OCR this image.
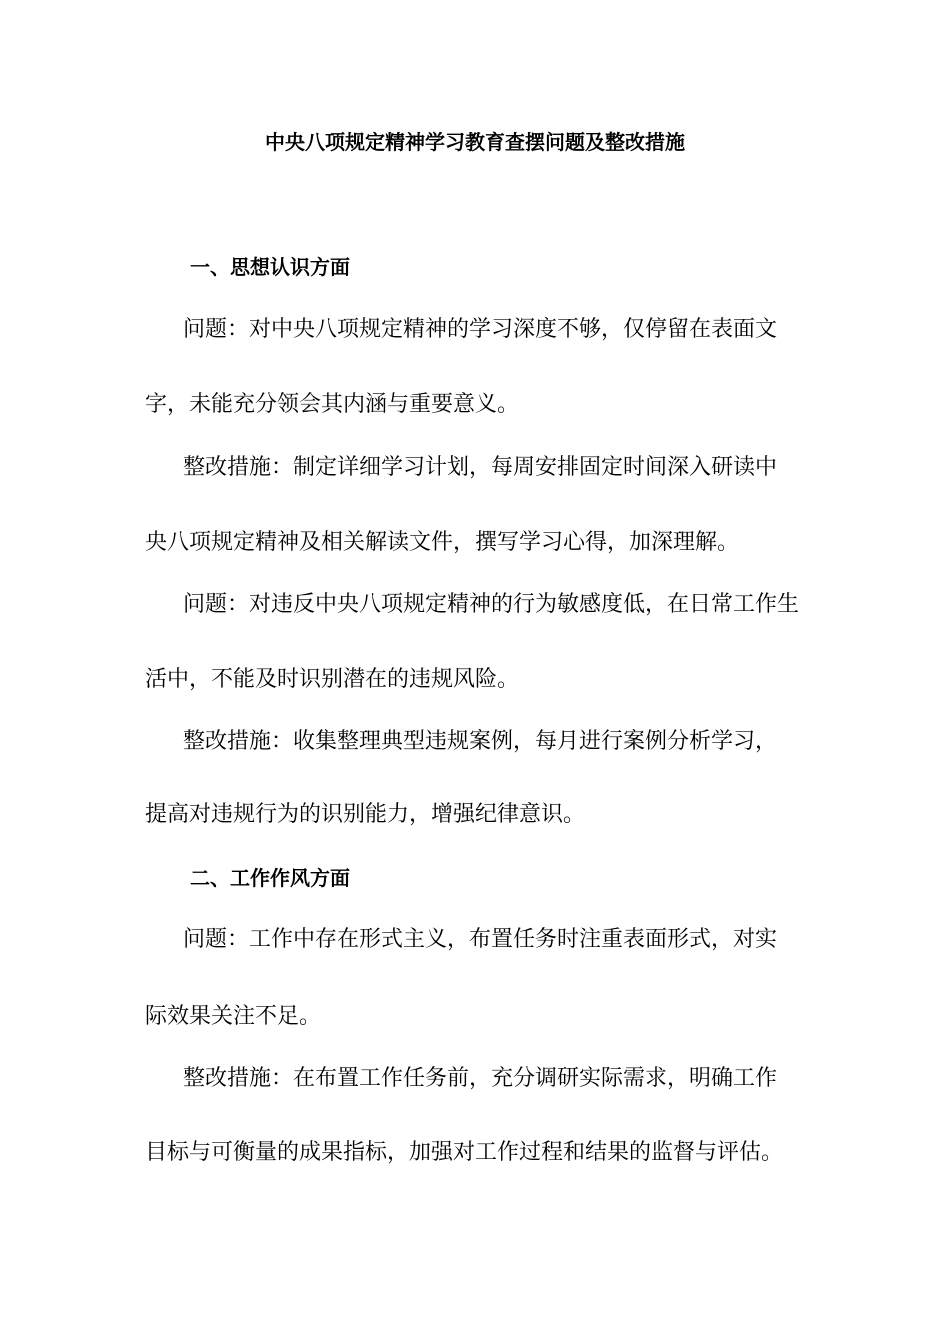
中央八项规定精神学习教育查摆问题及整改措施
一、思想认识方面
问题：对中央八项规定精神的学习深度不够，仅停留在表面文
字，未能充分领会其内涵与重要意义。
整改措施：制定详细学习计划，每周安排固定时间深入研读中
央八项规定精神及相关解读文件，撰写学习心得，加深理解。
问题：对违反中央八项规定精神的行为敏感度低，在日常工作生
活中，不能及时识别潜在的违规风险。
整改措施：收集整理典型违规案例，每月进行案例分析学习，
提高对违规行为的识别能力，增强纪律意识。
二、工作作风方面
问题：工作中存在形式主义，布置任务时注重表面形式，对实
际效果关注不足。
整改措施：在布置工作任务前，充分调研实际需求，明确工作
目标与可衡量的成果指标，加强对工作过程和结果的监督与评估。
